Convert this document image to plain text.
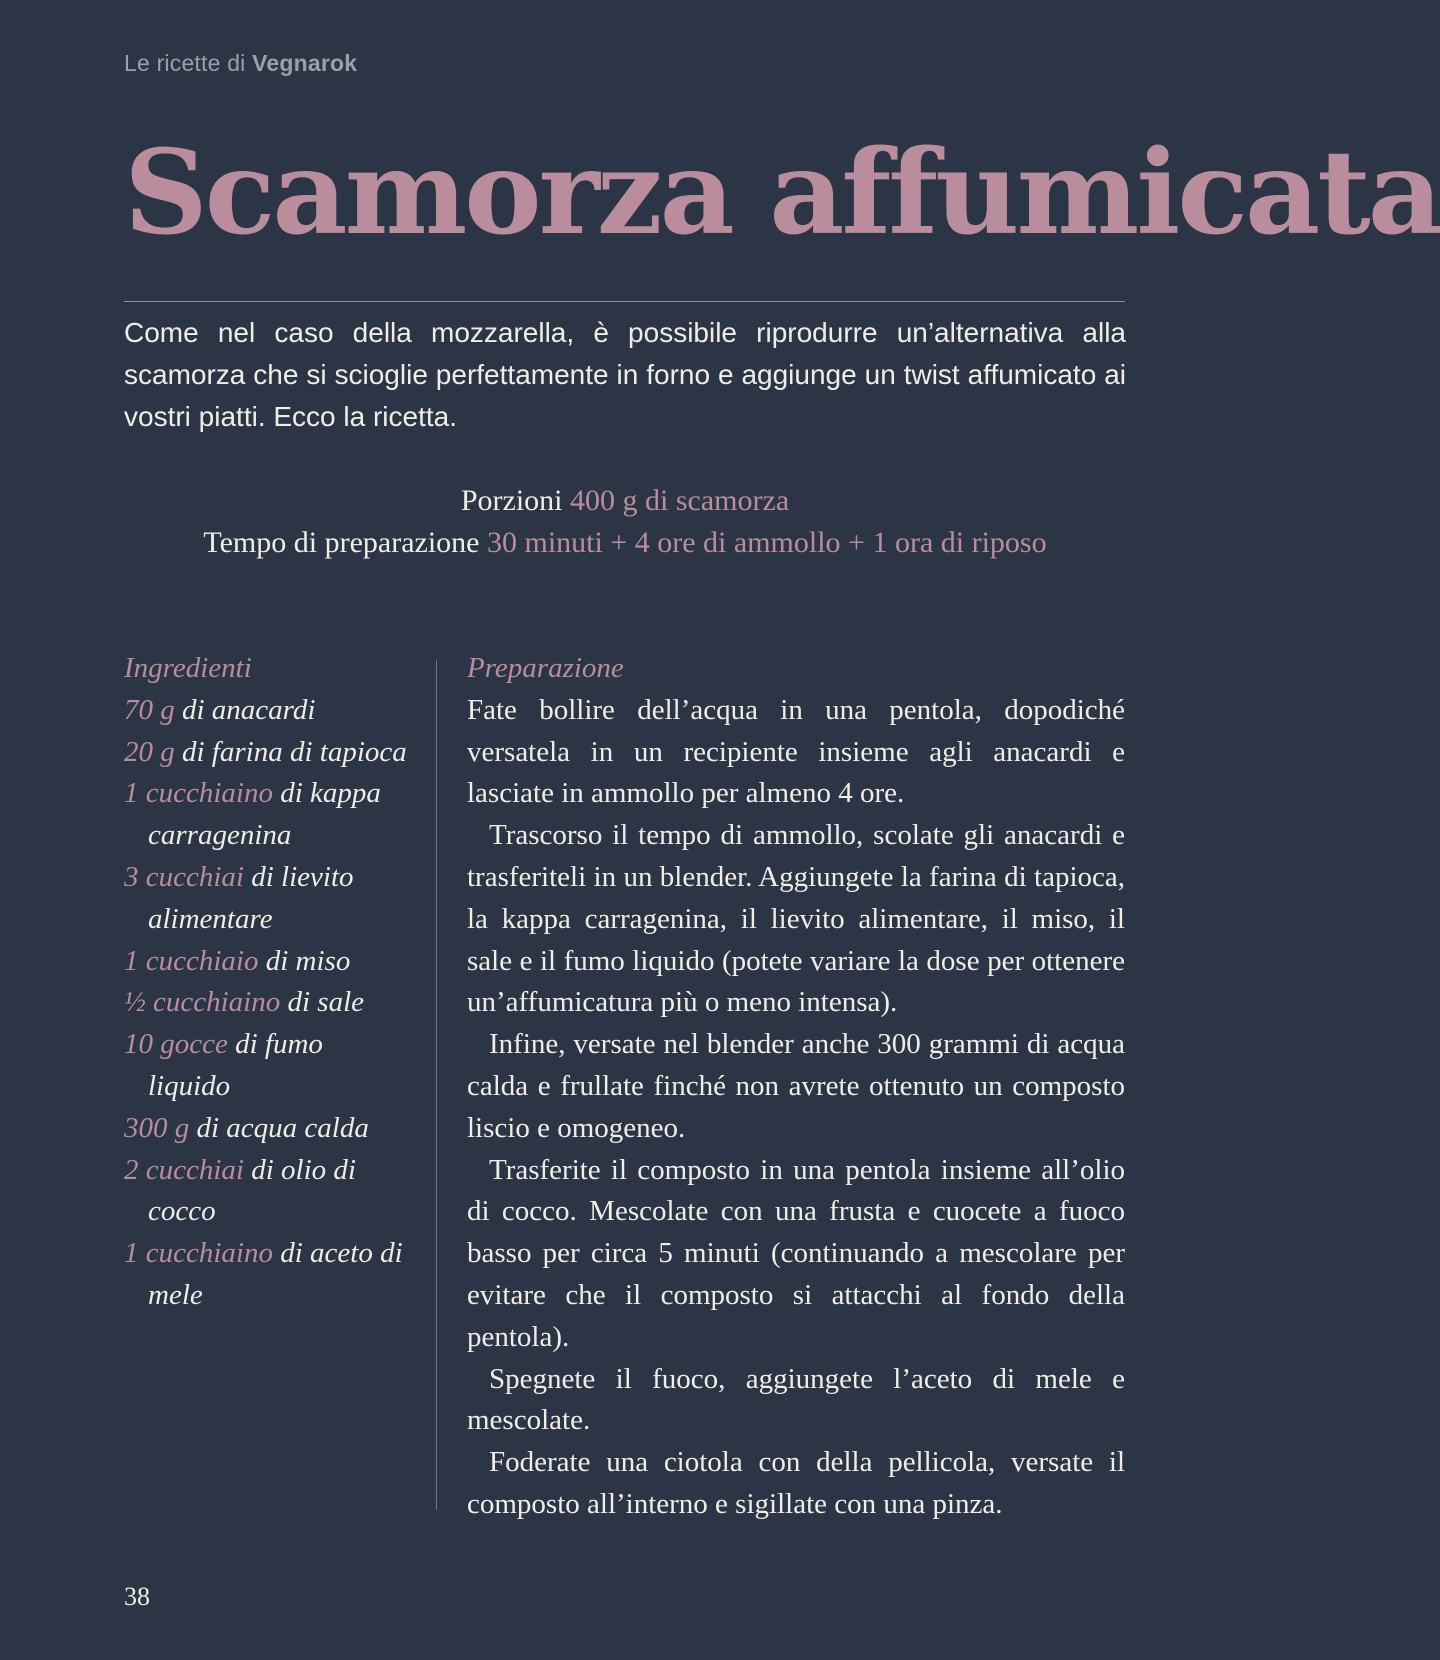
Le ricette di Vegnarok
Scamorza affumicata
Come nel caso della mozzarella, è possibile riprodurre un’alternativa alla scamorza che si scioglie perfettamente in forno e aggiunge un twist affumicato ai vostri piatti. Ecco la ricetta.
Porzioni 400 g di scamorza
Tempo di preparazione 30 minuti + 4 ore di ammollo + 1 ora di riposo
Ingredienti
70 g di anacardi
20 g di farina di tapioca
1 cucchiaino di kappa carragenina
3 cucchiai di lievito alimentare
1 cucchiaio di miso
½ cucchiaino di sale
10 gocce di fumo liquido
300 g di acqua calda
2 cucchiai di olio di cocco
1 cucchiaino di aceto di mele
Preparazione

Fate bollire dell’acqua in una pentola, dopodiché versatela in un recipiente insieme agli anacardi e lasciate in ammollo per almeno 4 ore.

Trascorso il tempo di ammollo, scolate gli anacardi e trasferiteli in un blender. Aggiungete la farina di tapioca, la kappa carragenina, il lievito alimentare, il miso, il sale e il fumo liquido (potete variare la dose per ottenere un’affumicatura più o meno intensa).

Infine, versate nel blender anche 300 grammi di acqua calda e frullate finché non avrete ottenuto un composto liscio e omogeneo.

Trasferite il composto in una pentola insieme all’olio di cocco. Mescolate con una frusta e cuocete a fuoco basso per circa 5 minuti (continuando a mescolare per evitare che il composto si attacchi al fondo della pentola).

Spegnete il fuoco, aggiungete l’aceto di mele e mescolate.

Foderate una ciotola con della pellicola, versate il composto all’interno e sigillate con una pinza.

38
